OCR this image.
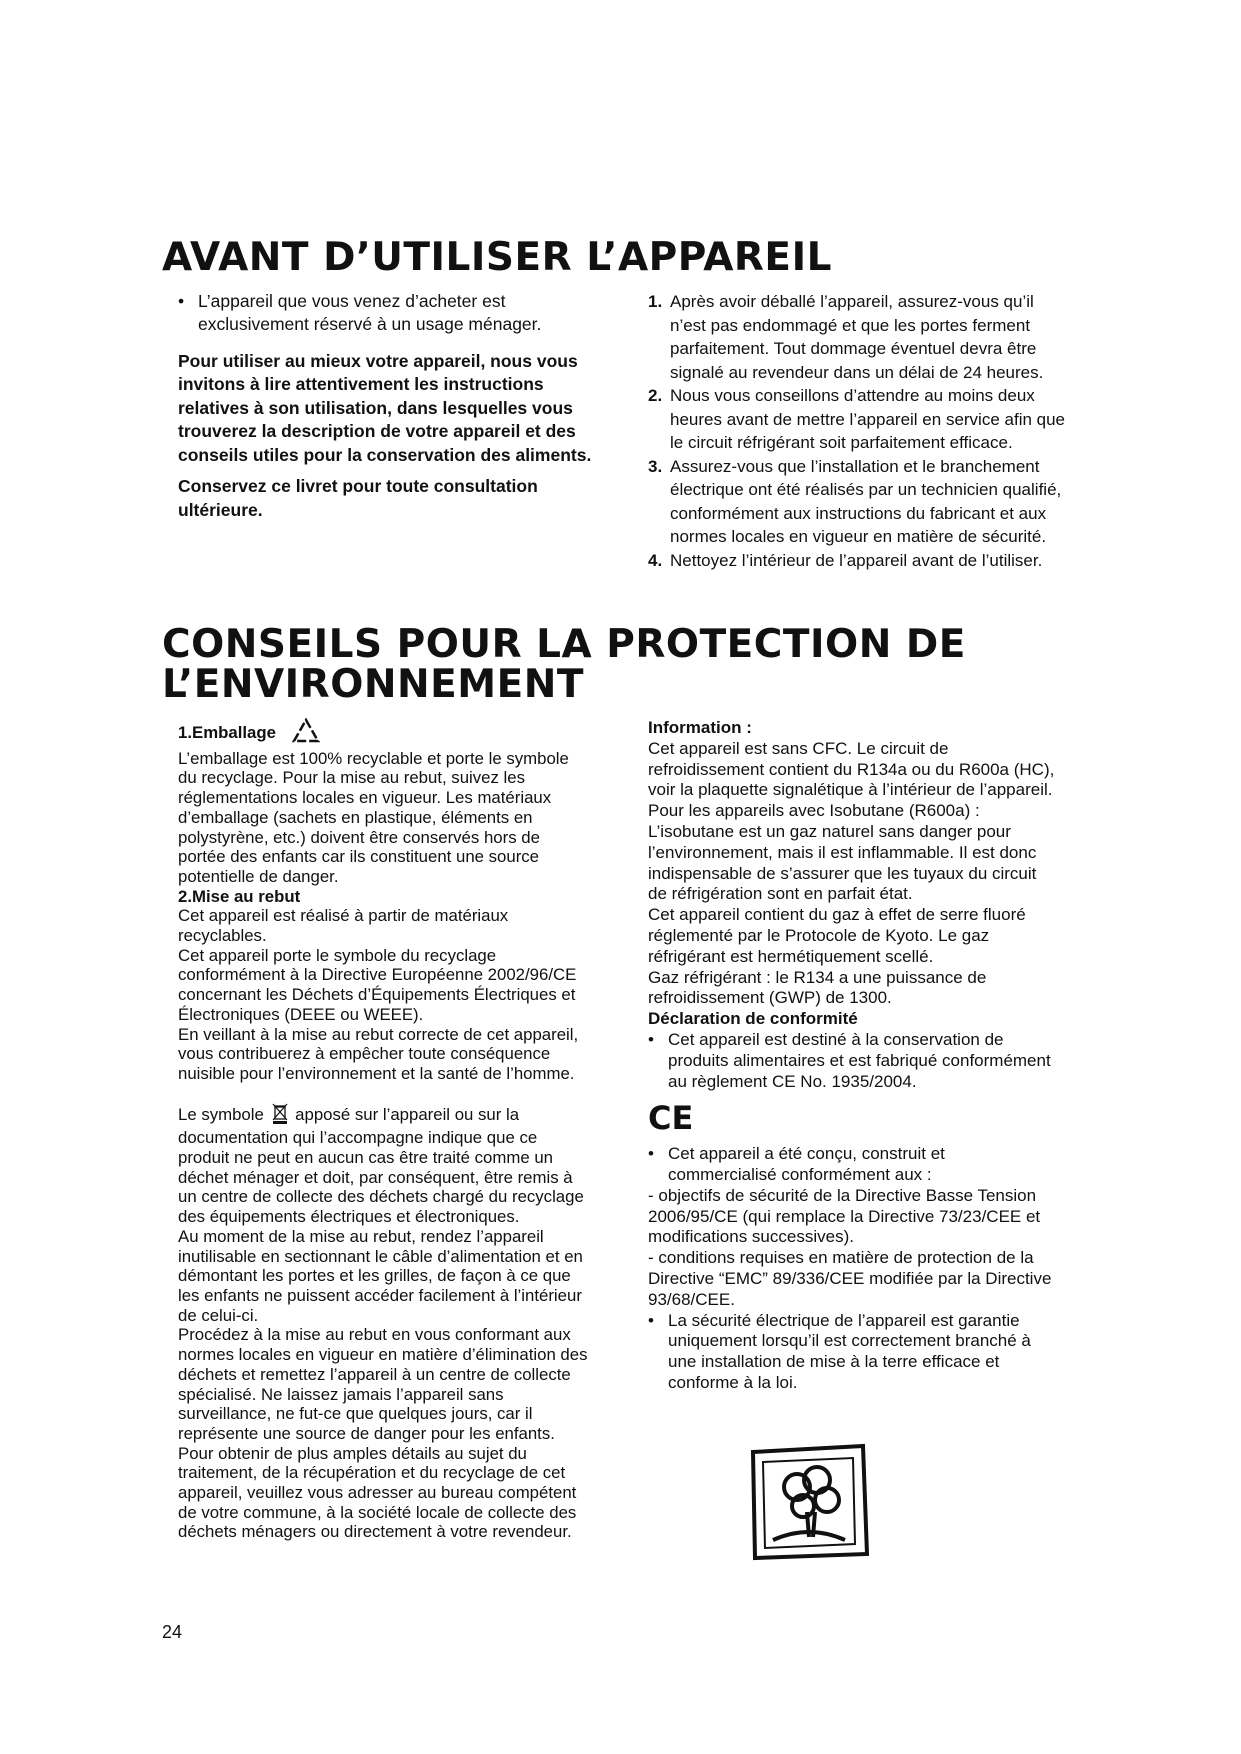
AVANT D’UTILISER L’APPAREIL

• L’appareil que vous venez d’acheter est exclusivement réservé à un usage ménager.

Pour utiliser au mieux votre appareil, nous vous invitons à lire attentivement les instructions relatives à son utilisation, dans lesquelles vous trouverez la description de votre appareil et des conseils utiles pour la conservation des aliments.

Conservez ce livret pour toute consultation ultérieure.

1. Après avoir déballé l’appareil, assurez-vous qu’il n’est pas endommagé et que les portes ferment parfaitement. Tout dommage éventuel devra être signalé au revendeur dans un délai de 24 heures.

2. Nous vous conseillons d’attendre au moins deux heures avant de mettre l’appareil en service afin que le circuit réfrigérant soit parfaitement efficace.

3. Assurez-vous que l’installation et le branchement électrique ont été réalisés par un technicien qualifié, conformément aux instructions du fabricant et aux normes locales en vigueur en matière de sécurité.

4. Nettoyez l’intérieur de l’appareil avant de l’utiliser.

CONSEILS POUR LA PROTECTION DE L’ENVIRONNEMENT

1.Emballage

L’emballage est 100% recyclable et porte le symbole du recyclage. Pour la mise au rebut, suivez les réglementations locales en vigueur. Les matériaux d’emballage (sachets en plastique, éléments en polystyrène, etc.) doivent être conservés hors de portée des enfants car ils constituent une source potentielle de danger.

2.Mise au rebut

Cet appareil est réalisé à partir de matériaux recyclables.

Cet appareil porte le symbole du recyclage conformément à la Directive Européenne 2002/96/CE concernant les Déchets d’Équipements Électriques et Électroniques (DEEE ou WEEE).

En veillant à la mise au rebut correcte de cet appareil, vous contribuerez à empêcher toute conséquence nuisible pour l’environnement et la santé de l’homme.

Le symbole apposé sur l’appareil ou sur la documentation qui l’accompagne indique que ce produit ne peut en aucun cas être traité comme un déchet ménager et doit, par conséquent, être remis à un centre de collecte des déchets chargé du recyclage des équipements électriques et électroniques.

Au moment de la mise au rebut, rendez l’appareil inutilisable en sectionnant le câble d’alimentation et en démontant les portes et les grilles, de façon à ce que les enfants ne puissent accéder facilement à l’intérieur de celui-ci.

Procédez à la mise au rebut en vous conformant aux normes locales en vigueur en matière d’élimination des déchets et remettez l’appareil à un centre de collecte spécialisé. Ne laissez jamais l’appareil sans surveillance, ne fut-ce que quelques jours, car il représente une source de danger pour les enfants. Pour obtenir de plus amples détails au sujet du traitement, de la récupération et du recyclage de cet appareil, veuillez vous adresser au bureau compétent de votre commune, à la société locale de collecte des déchets ménagers ou directement à votre revendeur.

Information :

Cet appareil est sans CFC. Le circuit de refroidissement contient du R134a ou du R600a (HC), voir la plaquette signalétique à l’intérieur de l’appareil.

Pour les appareils avec Isobutane (R600a) : L’isobutane est un gaz naturel sans danger pour l’environnement, mais il est inflammable. Il est donc indispensable de s’assurer que les tuyaux du circuit de réfrigération sont en parfait état.

Cet appareil contient du gaz à effet de serre fluoré réglementé par le Protocole de Kyoto. Le gaz réfrigérant est hermétiquement scellé.

Gaz réfrigérant : le R134 a une puissance de refroidissement (GWP) de 1300.

Déclaration de conformité

• Cet appareil est destiné à la conservation de produits alimentaires et est fabriqué conformément au règlement CE No. 1935/2004.

CE

• Cet appareil a été conçu, construit et commercialisé conformément aux :

- objectifs de sécurité de la Directive Basse Tension 2006/95/CE (qui remplace la Directive 73/23/CEE et modifications successives).

- conditions requises en matière de protection de la Directive “EMC” 89/336/CEE modifiée par la Directive 93/68/CEE.

• La sécurité électrique de l’appareil est garantie uniquement lorsqu’il est correctement branché à une installation de mise à la terre efficace et conforme à la loi.

24
